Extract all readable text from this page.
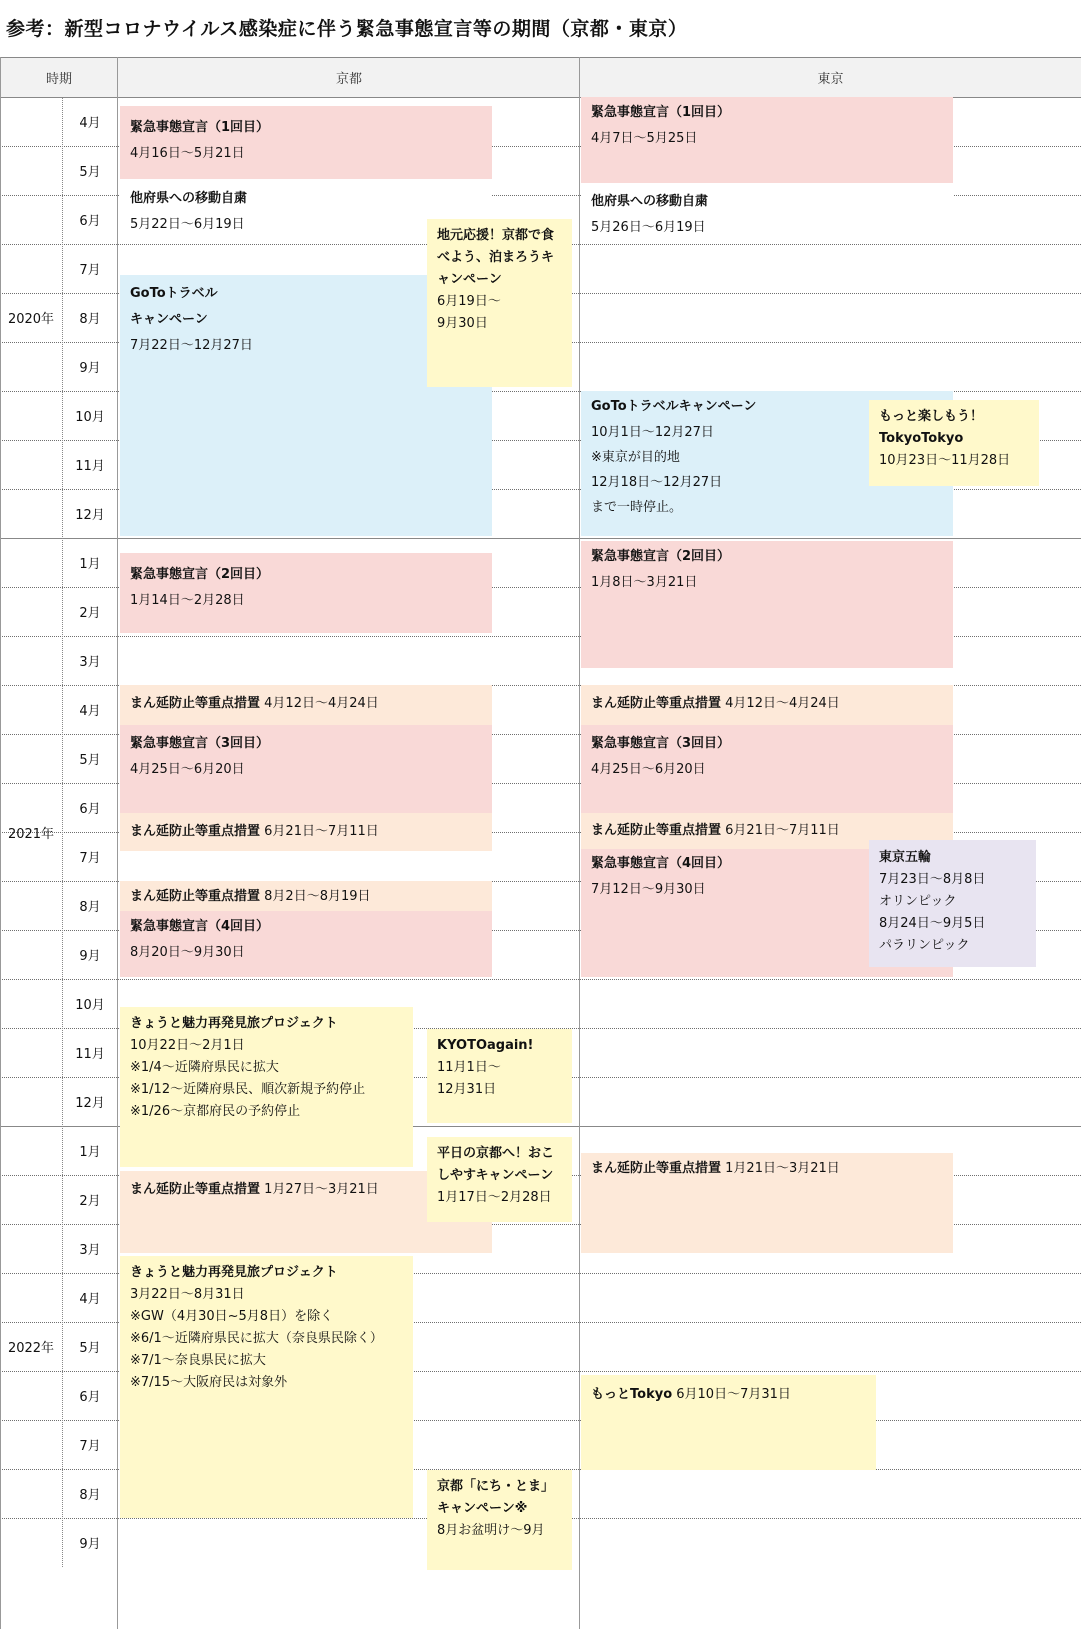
参考：新型コロナウイルス感染症に伴う緊急事態宣言等の期間（京都・東京）
時期	京都	東京
2020年
2021年
2022年
4月
5月
6月
7月
8月
9月
10月
11月
12月
1月
2月
3月
4月
5月
6月
7月
8月
9月
10月
11月
12月
1月
2月
3月
4月
5月
6月
7月
8月
9月
緊急事態宣言（1回目）
4月16日～5月21日
他府県への移動自粛
5月22日～6月19日
GoToトラベル
キャンペーン
7月22日～12月27日
地元応援！京都で食べよう、泊まろうキャンペーン
6月19日～
9月30日
緊急事態宣言（2回目）
1月14日～2月28日
まん延防止等重点措置 4月12日～4月24日
緊急事態宣言（3回目）
4月25日～6月20日
まん延防止等重点措置 6月21日～7月11日
まん延防止等重点措置 8月2日～8月19日
緊急事態宣言（4回目）
8月20日～9月30日
きょうと魅力再発見旅プロジェクト
10月22日～2月1日
※1/4～近隣府県民に拡大
※1/12～近隣府県民、順次新規予約停止
※1/26～京都府民の予約停止
KYOTOagain!
11月1日～
12月31日
まん延防止等重点措置 1月27日～3月21日
平日の京都へ！おこしやすキャンペーン
1月17日～2月28日
きょうと魅力再発見旅プロジェクト
3月22日～8月31日
※GW（4月30日~5月8日）を除く
※6/1～近隣府県民に拡大（奈良県民除く）
※7/1～奈良県民に拡大
※7/15～大阪府民は対象外
京都「にち・とま」キャンペーン※
8月お盆明け～9月
緊急事態宣言（1回目）
4月7日～5月25日
他府県への移動自粛
5月26日～6月19日
GoToトラベルキャンペーン
10月1日～12月27日
※東京が目的地
12月18日～12月27日
まで一時停止。
もっと楽しもう！
TokyoTokyo
10月23日～11月28日
緊急事態宣言（2回目）
1月8日～3月21日
まん延防止等重点措置 4月12日～4月24日
緊急事態宣言（3回目）
4月25日～6月20日
まん延防止等重点措置 6月21日～7月11日
緊急事態宣言（4回目）
7月12日～9月30日
東京五輪
7月23日～8月8日
オリンピック
8月24日～9月5日
パラリンピック
まん延防止等重点措置 1月21日～3月21日
もっとTokyo 6月10日～7月31日
